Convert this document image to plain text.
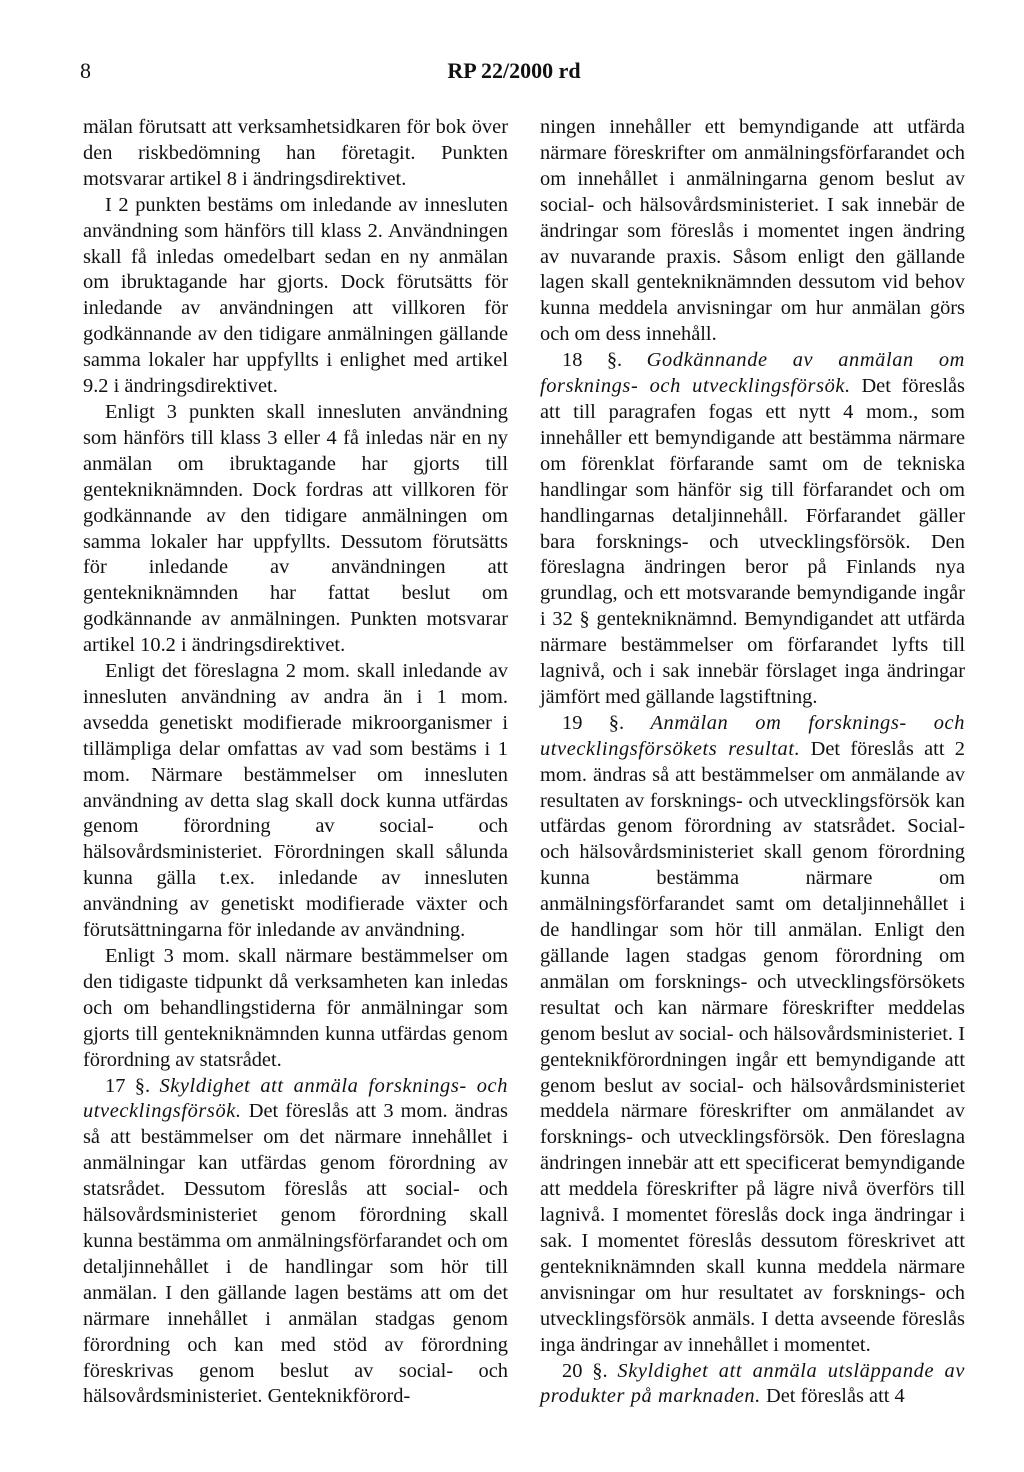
8	RP 22/2000 rd

mälan förutsatt att verksamhetsidkaren för bok över den riskbedömning han företagit. Punkten motsvarar artikel 8 i ändringsdirektivet.

I 2 punkten bestäms om inledande av innesluten användning som hänförs till klass 2. Användningen skall få inledas omedelbart sedan en ny anmälan om ibruktagande har gjorts. Dock förutsätts för inledande av användningen att villkoren för godkännande av den tidigare anmälningen gällande samma lokaler har uppfyllts i enlighet med artikel 9.2 i ändringsdirektivet.

Enligt 3 punkten skall innesluten användning som hänförs till klass 3 eller 4 få inledas när en ny anmälan om ibruktagande har gjorts till gentekniknämnden. Dock fordras att villkoren för godkännande av den tidigare anmälningen om samma lokaler har uppfyllts. Dessutom förutsätts för inledande av användningen att gentekniknämnden har fattat beslut om godkännande av anmälningen. Punkten motsvarar artikel 10.2 i ändringsdirektivet.

Enligt det föreslagna 2 mom. skall inledande av innesluten användning av andra än i 1 mom. avsedda genetiskt modifierade mikroorganismer i tillämpliga delar omfattas av vad som bestäms i 1 mom. Närmare bestämmelser om innesluten användning av detta slag skall dock kunna utfärdas genom förordning av social- och hälsovårdsministeriet. Förordningen skall sålunda kunna gälla t.ex. inledande av innesluten användning av genetiskt modifierade växter och förutsättningarna för inledande av användning.

Enligt 3 mom. skall närmare bestämmelser om den tidigaste tidpunkt då verksamheten kan inledas och om behandlingstiderna för anmälningar som gjorts till gentekniknämnden kunna utfärdas genom förordning av statsrådet.

17 §. Skyldighet att anmäla forsknings- och utvecklingsförsök. Det föreslås att 3 mom. ändras så att bestämmelser om det närmare innehållet i anmälningar kan utfärdas genom förordning av statsrådet. Dessutom föreslås att social- och hälsovårdsministeriet genom förordning skall kunna bestämma om anmälningsförfarandet och om detaljinnehållet i de handlingar som hör till anmälan. I den gällande lagen bestäms att om det närmare innehållet i anmälan stadgas genom förordning och kan med stöd av förordning föreskrivas genom beslut av social- och hälsovårdsministeriet. Genteknikförord-

ningen innehåller ett bemyndigande att utfärda närmare föreskrifter om anmälningsförfarandet och om innehållet i anmälningarna genom beslut av social- och hälsovårdsministeriet. I sak innebär de ändringar som föreslås i momentet ingen ändring av nuvarande praxis. Såsom enligt den gällande lagen skall gentekniknämnden dessutom vid behov kunna meddela anvisningar om hur anmälan görs och om dess innehåll.

18 §. Godkännande av anmälan om forsknings- och utvecklingsförsök. Det föreslås att till paragrafen fogas ett nytt 4 mom., som innehåller ett bemyndigande att bestämma närmare om förenklat förfarande samt om de tekniska handlingar som hänför sig till förfarandet och om handlingarnas detaljinnehåll. Förfarandet gäller bara forsknings- och utvecklingsförsök. Den föreslagna ändringen beror på Finlands nya grundlag, och ett motsvarande bemyndigande ingår i 32 § gentekniknämnd. Bemyndigandet att utfärda närmare bestämmelser om förfarandet lyfts till lagnivå, och i sak innebär förslaget inga ändringar jämfört med gällande lagstiftning.

19 §. Anmälan om forsknings- och utvecklingsförsökets resultat. Det föreslås att 2 mom. ändras så att bestämmelser om anmälande av resultaten av forsknings- och utvecklingsförsök kan utfärdas genom förordning av statsrådet. Social- och hälsovårdsministeriet skall genom förordning kunna bestämma närmare om anmälningsförfarandet samt om detaljinnehållet i de handlingar som hör till anmälan. Enligt den gällande lagen stadgas genom förordning om anmälan om forsknings- och utvecklingsförsökets resultat och kan närmare föreskrifter meddelas genom beslut av social- och hälsovårdsministeriet. I genteknikförordningen ingår ett bemyndigande att genom beslut av social- och hälsovårdsministeriet meddela närmare föreskrifter om anmälandet av forsknings- och utvecklingsförsök. Den föreslagna ändringen innebär att ett specificerat bemyndigande att meddela föreskrifter på lägre nivå överförs till lagnivå. I momentet föreslås dock inga ändringar i sak. I momentet föreslås dessutom föreskrivet att gentekniknämnden skall kunna meddela närmare anvisningar om hur resultatet av forsknings- och utvecklingsförsök anmäls. I detta avseende föreslås inga ändringar av innehållet i momentet.

20 §. Skyldighet att anmäla utsläppande av produkter på marknaden. Det föreslås att 4
